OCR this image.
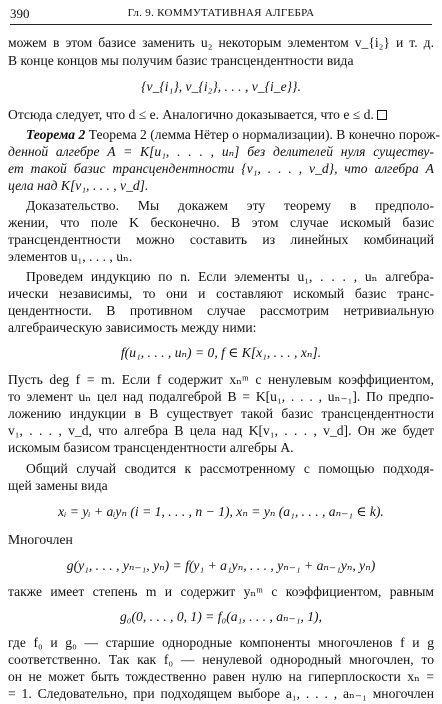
390	Гл. 9. КОММУТАТИВНАЯ АЛГЕБРА
можем в этом базисе заменить u₂ некоторым элементом v_{i₂} и т. д.
В конце концов мы получим базис трансцендентности вида
{v_{i₁}, v_{i₂}, . . . , v_{i_e}}.
Отсюда следует, что d ≤ e. Аналогично доказывается, что e ≤ d.
Теорема 2 Теорема 2 (лемма Нётер о нормализации). В конечно порож-
денной алгебре A = K[u₁, . . . , uₙ] без делителей нуля существу-
ет такой базис трансцендентности {v₁, . . . , v_d}, что алгебра A
цела над K[v₁, . . . , v_d].
Доказательство. Мы докажем эту теорему в предполо-
жении, что поле K бесконечно. В этом случае искомый базис
трансцендентности можно составить из линейных комбинаций
элементов u₁, . . . , uₙ.
Проведем индукцию по n. Если элементы u₁, . . . , uₙ алгебра-
ически независимы, то они и составляют искомый базис транс-
цендентности. В противном случае рассмотрим нетривиальную
алгебраическую зависимость между ними:
f(u₁, . . . , uₙ) = 0, f ∈ K[x₁, . . . , xₙ].
Пусть deg f = m. Если f содержит xₙᵐ с ненулевым коэффициентом,
то элемент uₙ цел над подалгеброй B = K[u₁, . . . , uₙ₋₁]. По предпо-
ложению индукции в B существует такой базис трансцендентности
v₁, . . . , v_d, что алгебра B цела над K[v₁, . . . , v_d]. Он же будет
искомым базисом трансцендентности алгебры A.
Общий случай сводится к рассмотренному с помощью подходя-
щей замены вида
xᵢ = yᵢ + aᵢyₙ (i = 1, . . . , n − 1), xₙ = yₙ (a₁, . . . , aₙ₋₁ ∈ k).
Многочлен
g(y₁, . . . , yₙ₋₁, yₙ) = f(y₁ + a₁yₙ, . . . , yₙ₋₁ + aₙ₋₁yₙ, yₙ)
также имеет степень m и содержит yₙᵐ с коэффициентом, равным
g₀(0, . . . , 0, 1) = f₀(a₁, . . . , aₙ₋₁, 1),
где f₀ и g₀ — старшие однородные компоненты многочленов f и g
соответственно. Так как f₀ — ненулевой однородный многочлен, то
он не может быть тождественно равен нулю на гиперплоскости xₙ =
= 1. Следовательно, при подходящем выборе a₁, . . . , aₙ₋₁ многочлен
